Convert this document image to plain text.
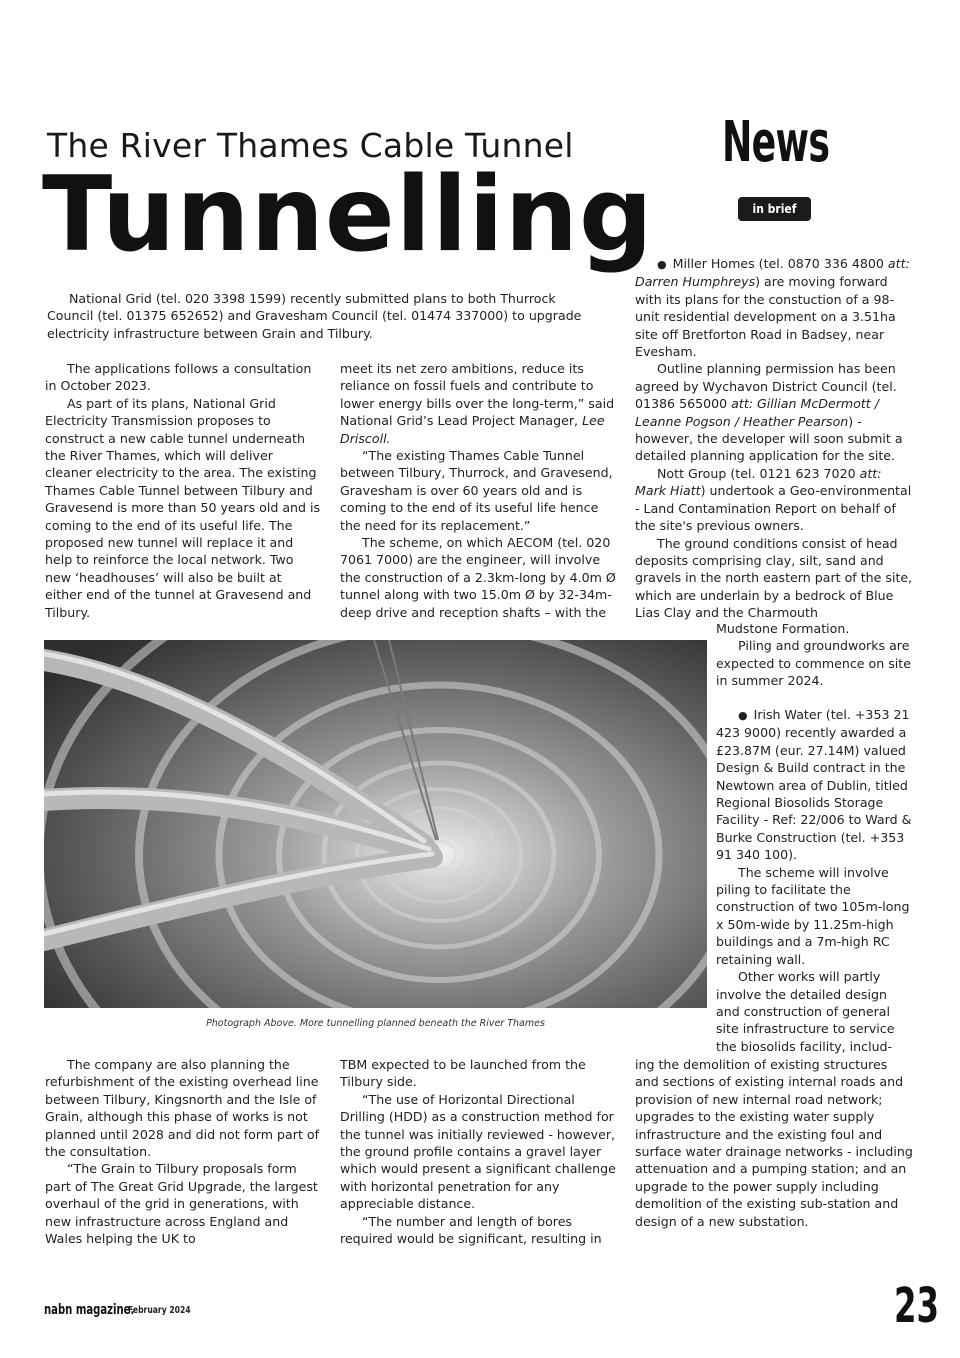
The River Thames Cable Tunnel
Tunnelling
News
in brief

National Grid (tel. 020 3398 1599) recently submitted plans to both Thurrock Council (tel. 01375 652652) and Gravesham Council (tel. 01474 337000) to upgrade electricity infrastructure between Grain and Tilbury.

The applications follows a consultation in October 2023.

As part of its plans, National Grid Electricity Transmission proposes to construct a new cable tunnel underneath the River Thames, which will deliver cleaner electricity to the area. The existing Thames Cable Tunnel between Tilbury and Gravesend is more than 50 years old and is coming to the end of its useful life. The proposed new tunnel will replace it and help to reinforce the local network. Two new ‘headhouses’ will also be built at either end of the tunnel at Gravesend and Tilbury.

meet its net zero ambitions, reduce its reliance on fossil fuels and contribute to lower energy bills over the long-term,” said National Grid’s Lead Project Manager, Lee Driscoll.

“The existing Thames Cable Tunnel between Tilbury, Thurrock, and Gravesend, Gravesham is over 60 years old and is coming to the end of its useful life hence the need for its replacement.”

The scheme, on which AECOM (tel. 020 7061 7000) are the engineer, will involve the construction of a 2.3km-long by 4.0m Ø tunnel along with two 15.0m Ø by 32-34m-deep drive and reception shafts – with the

● Miller Homes (tel. 0870 336 4800 att: Darren Humphreys) are moving forward with its plans for the constuction of a 98-unit residential development on a 3.51ha site off Bretforton Road in Badsey, near Evesham.

Outline planning permission has been agreed by Wychavon District Council (tel. 01386 565000 att: Gillian McDermott / Leanne Pogson / Heather Pearson) - however, the developer will soon submit a detailed planning application for the site.

Nott Group (tel. 0121 623 7020 att: Mark Hiatt) undertook a Geo-environmental - Land Contamination Report on behalf of the site's previous owners.

The ground conditions consist of head deposits comprising clay, silt, sand and gravels in the north eastern part of the site, which are underlain by a bedrock of Blue Lias Clay and the Charmouth

Mudstone Formation.

Piling and groundworks are expected to commence on site in summer 2024.

● Irish Water (tel. +353 21 423 9000) recently awarded a £23.87M (eur. 27.14M) valued Design & Build contract in the Newtown area of Dublin, titled Regional Biosolids Storage Facility - Ref: 22/006 to Ward & Burke Construction (tel. +353 91 340 100).

The scheme will involve piling to facilitate the construction of two 105m-long x 50m-wide by 11.25m-high buildings and a 7m-high RC retaining wall.

Other works will partly involve the detailed design and construction of general site infrastructure to service the biosolids facility, includ-

ing the demolition of existing structures and sections of existing internal roads and provision of new internal road network; upgrades to the existing water supply infrastructure and the existing foul and surface water drainage networks - including attenuation and a pumping station; and an upgrade to the power supply including demolition of the existing sub-station and design of a new substation.

Photograph Above. More tunnelling planned beneath the River Thames

The company are also planning the refurbishment of the existing overhead line between Tilbury, Kingsnorth and the Isle of Grain, although this phase of works is not planned until 2028 and did not form part of the consultation.

“The Grain to Tilbury proposals form part of The Great Grid Upgrade, the largest overhaul of the grid in generations, with new infrastructure across England and Wales helping the UK to

TBM expected to be launched from the Tilbury side.

“The use of Horizontal Directional Drilling (HDD) as a construction method for the tunnel was initially reviewed - however, the ground profile contains a gravel layer which would present a significant challenge with horizontal penetration for any appreciable distance.

“The number and length of bores required would be significant, resulting in

nabn magazine.
February 2024	23
